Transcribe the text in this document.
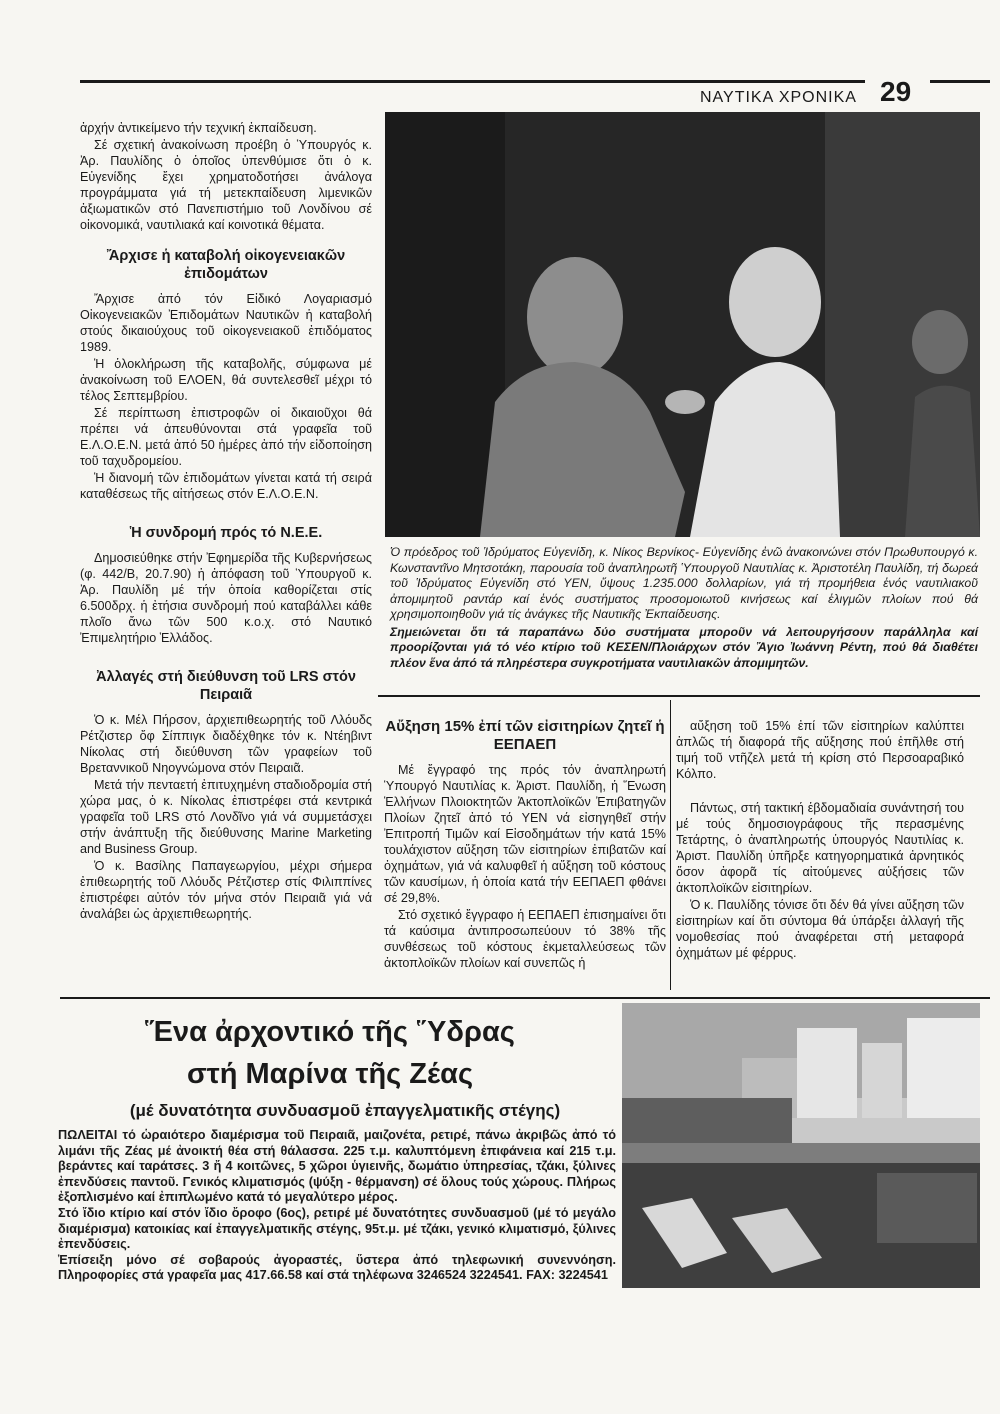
ΝΑΥΤΙΚΑ ΧΡΟΝΙΚΑ 29

ἀρχήν ἀντικείμενο τήν τεχνική ἐκπαίδευση.

Σέ σχετική ἀνακοίνωση προέβη ὁ Ὑπουργός κ. Ἀρ. Παυλίδης ὁ ὁποῖος ὑπενθύμισε ὅτι ὁ κ. Εὐγενίδης ἔχει χρηματοδοτήσει ἀνάλογα προγράμματα γιά τή μετεκπαίδευση λιμενικῶν ἀξιωματικῶν στό Πανεπιστήμιο τοῦ Λονδίνου σέ οἰκονομικά, ναυτιλιακά καί κοινοτικά θέματα.

Ἄρχισε ἡ καταβολή οἰκογενειακῶν ἐπιδομάτων

Ἄρχισε ἀπό τόν Εἰδικό Λογαριασμό Οἰκογενειακῶν Ἐπιδομάτων Ναυτικῶν ἡ καταβολή στούς δικαιούχους τοῦ οἰκογενειακοῦ ἐπιδόματος 1989.

Ἡ ὁλοκλήρωση τῆς καταβολῆς, σύμφωνα μέ ἀνακοίνωση τοῦ ΕΛΟΕΝ, θά συντελεσθεῖ μέχρι τό τέλος Σεπτεμβρίου.

Σέ περίπτωση ἐπιστροφῶν οἱ δικαιοῦχοι θά πρέπει νά ἀπευθύνονται στά γραφεῖα τοῦ Ε.Λ.Ο.Ε.Ν. μετά ἀπό 50 ἡμέρες ἀπό τήν εἰδοποίηση τοῦ ταχυδρομείου.

Ἡ διανομή τῶν ἐπιδομάτων γίνεται κατά τή σειρά καταθέσεως τῆς αἰτήσεως στόν Ε.Λ.Ο.Ε.Ν.

Ἡ συνδρομή πρός τό Ν.Ε.Ε.

Δημοσιεύθηκε στήν Ἐφημερίδα τῆς Κυβερνήσεως (φ. 442/Β, 20.7.90) ἡ ἀπόφαση τοῦ Ὑπουργοῦ κ. Ἀρ. Παυλίδη μέ τήν ὁποία καθορίζεται στίς 6.500δρχ. ἡ ἐτήσια συνδρομή πού καταβάλλει κάθε πλοῖο ἄνω τῶν 500 κ.ο.χ. στό Ναυτικό Ἐπιμελητήριο Ἑλλάδος.

Ἀλλαγές στή διεύθυνση τοῦ LRS στόν Πειραιᾶ

Ὁ κ. Μέλ Πήρσον, ἀρχιεπιθεωρητής τοῦ Λλόυδς Ρέτζιστερ ὄφ Σίππιγκ διαδέχθηκε τόν κ. Ντέηβιντ Νίκολας στή διεύθυνση τῶν γραφείων τοῦ Βρεταννικοῦ Νηογνώμονα στόν Πειραιᾶ.

Μετά τήν πενταετή ἐπιτυχημένη σταδιοδρομία στή χώρα μας, ὁ κ. Νίκολας ἐπιστρέφει στά κεντρικά γραφεῖα τοῦ LRS στό Λονδῖνο γιά νά συμμετάσχει στήν ἀνάπτυξη τῆς διεύθυνσης Marine Marketing and Business Group.

Ὁ κ. Βασίλης Παπαγεωργίου, μέχρι σήμερα ἐπιθεωρητής τοῦ Λλόυδς Ρέτζιστερ στίς Φιλιππίνες ἐπιστρέφει αὐτόν τόν μήνα στόν Πειραιᾶ γιά νά ἀναλάβει ὡς ἀρχιεπιθεωρητής.

Ὁ πρόεδρος τοῦ Ἱδρύματος Εὐγενίδη, κ. Νίκος Βερνίκος- Εὐγενίδης ἐνῶ ἀνακοινώνει στόν Πρωθυπουργό κ. Κωνσταντῖνο Μητσοτάκη, παρουσία τοῦ ἀναπληρωτῆ Ὑπουργοῦ Ναυτιλίας κ. Ἀριστοτέλη Παυλίδη, τή δωρεά τοῦ Ἱδρύματος Εὐγενίδη στό ΥΕΝ, ὕψους 1.235.000 δολλαρίων, γιά τή προμήθεια ἑνός ναυτιλιακοῦ ἀπομιμητοῦ ραντάρ καί ἑνός συστήματος προσομοιωτοῦ κινήσεως καί ἑλιγμῶν πλοίων πού θά χρησιμοποιηθοῦν γιά τίς ἀνάγκες τῆς Ναυτικῆς Ἐκπαίδευσης.

Σημειώνεται ὅτι τά παραπάνω δύο συστήματα μποροῦν νά λειτουργήσουν παράλληλα καί προορίζονται γιά τό νέο κτίριο τοῦ ΚΕΣΕΝ/Πλοιάρχων στόν Ἅγιο Ἰωάννη Ρέντη, πού θά διαθέτει πλέον ἕνα ἀπό τά πληρέστερα συγκροτήματα ναυτιλιακῶν ἀπομιμητῶν.

Αὔξηση 15% ἐπί τῶν εἰσιτηρίων ζητεῖ ἡ ΕΕΠΑΕΠ

Μέ ἔγγραφό της πρός τόν ἀναπληρωτή Ὑπουργό Ναυτιλίας κ. Ἀριστ. Παυλίδη, ἡ Ἕνωση Ἑλλήνων Πλοιοκτητῶν Ἀκτοπλοϊκῶν Ἐπιβατηγῶν Πλοίων ζητεῖ ἀπό τό ΥΕΝ νά εἰσηγηθεῖ στήν Ἐπιτροπή Τιμῶν καί Εἰσοδημάτων τήν κατά 15% τουλάχιστον αὔξηση τῶν εἰσιτηρίων ἐπιβατῶν καί ὀχημάτων, γιά νά καλυφθεῖ ἡ αὔξηση τοῦ κόστους τῶν καυσίμων, ἡ ὁποία κατά τήν ΕΕΠΑΕΠ φθάνει σέ 29,8%.

Στό σχετικό ἔγγραφο ἡ ΕΕΠΑΕΠ ἐπισημαίνει ὅτι τά καύσιμα ἀντιπροσωπεύουν τό 38% τῆς συνθέσεως τοῦ κόστους ἐκμεταλλεύσεως τῶν ἀκτοπλοϊκῶν πλοίων καί συνεπῶς ἡ

αὔξηση τοῦ 15% ἐπί τῶν εἰσιτηρίων καλύπτει ἁπλῶς τή διαφορά τῆς αὔξησης πού ἐπῆλθε στή τιμή τοῦ ντῆζελ μετά τή κρίση στό Περσοαραβικό Κόλπο.

Πάντως, στή τακτική ἑβδομαδιαία συνάντησή του μέ τούς δημοσιογράφους τῆς περασμένης Τετάρτης, ὁ ἀναπληρωτής ὑπουργός Ναυτιλίας κ. Ἀριστ. Παυλίδη ὑπῆρξε κατηγορηματικά ἀρνητικός ὅσον ἀφορᾶ τίς αἰτούμενες αὐξήσεις τῶν ἀκτοπλοϊκῶν εἰσιτηρίων.

Ὁ κ. Παυλίδης τόνισε ὅτι δέν θά γίνει αὔξηση τῶν εἰσιτηρίων καί ὅτι σύντομα θά ὑπάρξει ἀλλαγή τῆς νομοθεσίας πού ἀναφέρεται στή μεταφορά ὀχημάτων μέ φέρρυς.

Ἕνα ἀρχοντικό τῆς Ὕδρας
στή Μαρίνα τῆς Ζέας
(μέ δυνατότητα συνδυασμοῦ ἐπαγγελματικῆς στέγης)

ΠΩΛΕΙΤΑΙ τό ὡραιότερο διαμέρισμα τοῦ Πειραιᾶ, μαιζονέτα, ρετιρέ, πάνω ἀκριβῶς ἀπό τό λιμάνι τῆς Ζέας μέ ἀνοικτή θέα στή θάλασσα. 225 τ.μ. καλυπτόμενη ἐπιφάνεια καί 215 τ.μ. βεράντες καί ταράτσες. 3 ἤ 4 κοιτῶνες, 5 χῶροι ὑγιεινῆς, δωμάτιο ὑπηρεσίας, τζάκι, ξύλινες ἐπενδύσεις παντοῦ. Γενικός κλιματισμός (ψύξη - θέρμανση) σέ ὅλους τούς χώρους. Πλήρως ἐξοπλισμένο καί ἐπιπλωμένο κατά τό μεγαλύτερο μέρος.

Στό ἴδιο κτίριο καί στόν ἴδιο ὄροφο (6ος), ρετιρέ μέ δυνατότητες συνδυασμοῦ (μέ τό μεγάλο διαμέρισμα) κατοικίας καί ἐπαγγελματικῆς στέγης, 95τ.μ. μέ τζάκι, γενικό κλιματισμό, ξύλινες ἐπενδύσεις.

Ἐπίσειξη μόνο σέ σοβαρούς ἀγοραστές, ὕστερα ἀπό τηλεφωνική συνεννόηση. Πληροφορίες στά γραφεῖα μας 417.66.58 καί στά τηλέφωνα 3246524 3224541. FAX: 3224541
